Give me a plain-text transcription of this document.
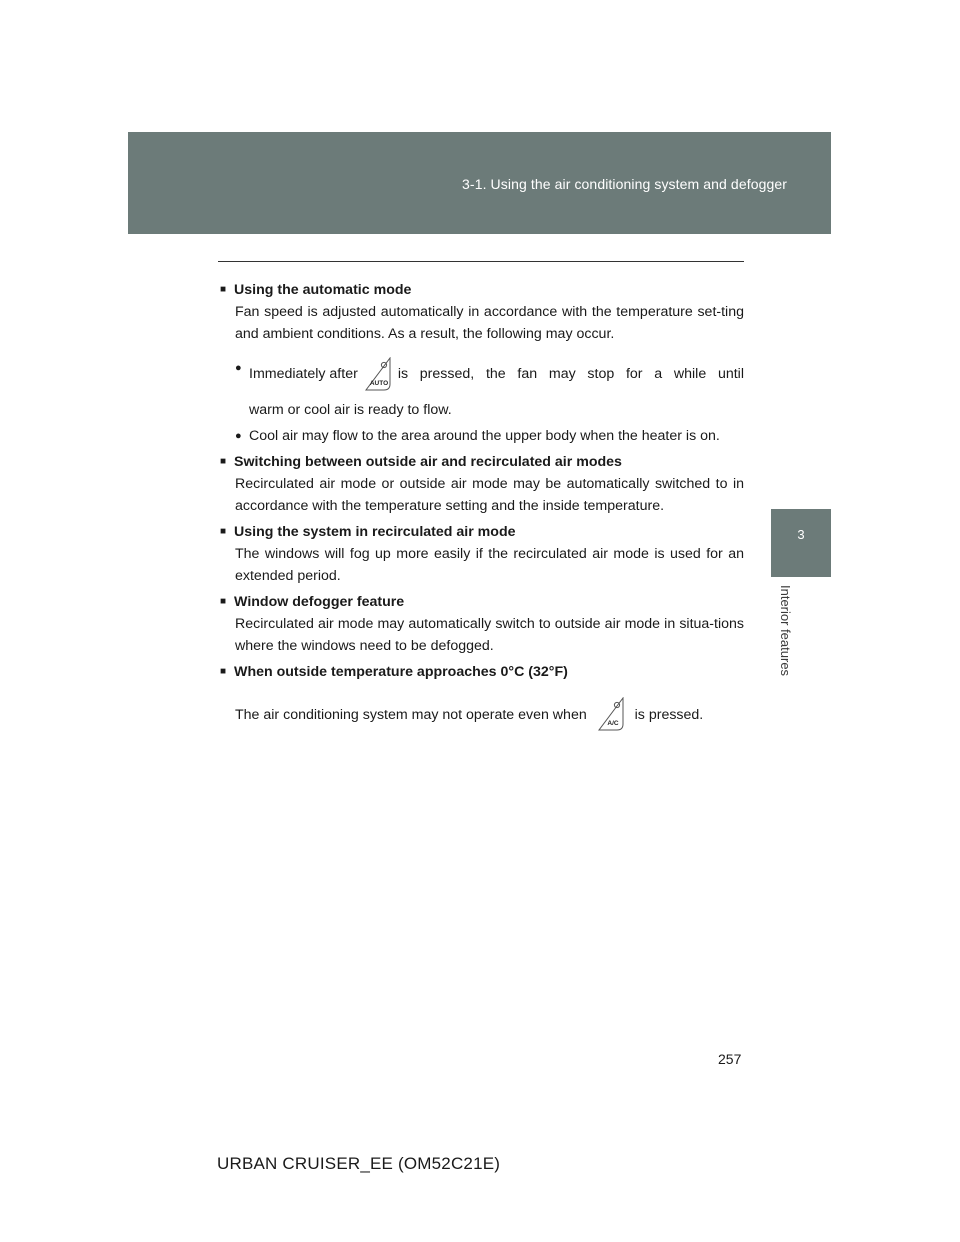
3-1. Using the air conditioning system and defogger
3
Interior features
■ Using the automatic mode
Fan speed is adjusted automatically in accordance with the temperature set-ting and ambient conditions. As a result, the following may occur.
● Immediately after
AUTO
is pressed, the fan may stop for a while until
warm or cool air is ready to flow.
● Cool air may flow to the area around the upper body when the heater is on.
■ Switching between outside air and recirculated air modes
Recirculated air mode or outside air mode may be automatically switched to in accordance with the temperature setting and the inside temperature.
■ Using the system in recirculated air mode
The windows will fog up more easily if the recirculated air mode is used for an extended period.
■ Window defogger feature
Recirculated air mode may automatically switch to outside air mode in situa-tions where the windows need to be defogged.
■ When outside temperature approaches 0°C (32°F)
The air conditioning system may not operate even when
A/C
is pressed.
257
URBAN CRUISER_EE (OM52C21E)
